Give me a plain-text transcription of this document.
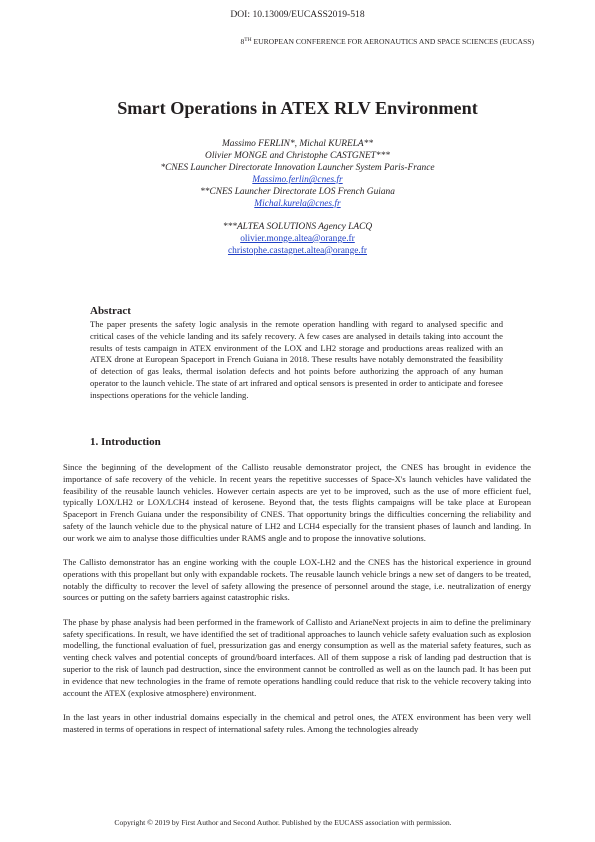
DOI: 10.13009/EUCASS2019-518
8TH EUROPEAN CONFERENCE FOR AERONAUTICS AND SPACE SCIENCES (EUCASS)
Smart Operations in ATEX RLV Environment
Massimo FERLIN*, Michal KURELA**
Olivier MONGE and Christophe CASTGNET***
*CNES Launcher Directorate Innovation Launcher System Paris-France
Massimo.ferlin@cnes.fr
**CNES Launcher Directorate LOS French Guiana
Michal.kurela@cnes.fr
***ALTEA SOLUTIONS Agency LACQ
olivier.monge.altea@orange.fr
christophe.castagnet.altea@orange.fr
Abstract
The paper presents the safety logic analysis in the remote operation handling with regard to analysed specific and critical cases of the vehicle landing and its safely recovery. A few cases are analysed in details taking into account the results of tests campaign in ATEX environment of the LOX and LH2 storage and productions areas realized with an ATEX drone at European Spaceport in French Guiana in 2018. These results have notably demonstrated the feasibility of detection of gas leaks, thermal isolation defects and hot points before authorizing the approach of any human operator to the launch vehicle. The state of art infrared and optical sensors is presented in order to anticipate and foresee inspections operations for the vehicle landing.
1. Introduction

Since the beginning of the development of the Callisto reusable demonstrator project, the CNES has brought in evidence the importance of safe recovery of the vehicle. In recent years the repetitive successes of Space-X's launch vehicles have validated the feasibility of the reusable launch vehicles. However certain aspects are yet to be improved, such as the use of more efficient fuel, typically LOX/LH2 or LOX/LCH4 instead of kerosene. Beyond that, the tests flights campaigns will be take place at European Spaceport in French Guiana under the responsibility of CNES. That opportunity brings the difficulties concerning the reliability and safety of the launch vehicle due to the physical nature of LH2 and LCH4 especially for the transient phases of launch and landing. In our work we aim to analyse those difficulties under RAMS angle and to propose the innovative solutions.

The Callisto demonstrator has an engine working with the couple LOX-LH2 and the CNES has the historical experience in ground operations with this propellant but only with expandable rockets. The reusable launch vehicle brings a new set of dangers to be treated, notably the difficulty to recover the level of safety allowing the presence of personnel around the stage, i.e. neutralization of energy sources or putting on the safety barriers against catastrophic risks.

The phase by phase analysis had been performed in the framework of Callisto and ArianeNext projects in aim to define the preliminary safety specifications. In result, we have identified the set of traditional approaches to launch vehicle safety evaluation such as explosion modelling, the functional evaluation of fuel, pressurization gas and energy consumption as well as the material safety features, such as venting check valves and potential concepts of ground/board interfaces. All of them suppose a risk of landing pad destruction that is superior to the risk of launch pad destruction, since the environment cannot be controlled as well as on the launch pad. It has been put in evidence that new technologies in the frame of remote operations handling could reduce that risk to the vehicle recovery taking into account the ATEX (explosive atmosphere) environment.

In the last years in other industrial domains especially in the chemical and petrol ones, the ATEX environment has been very well mastered in terms of operations in respect of international safety rules. Among the technologies already

Copyright © 2019 by First Author and Second Author. Published by the EUCASS association with permission.
